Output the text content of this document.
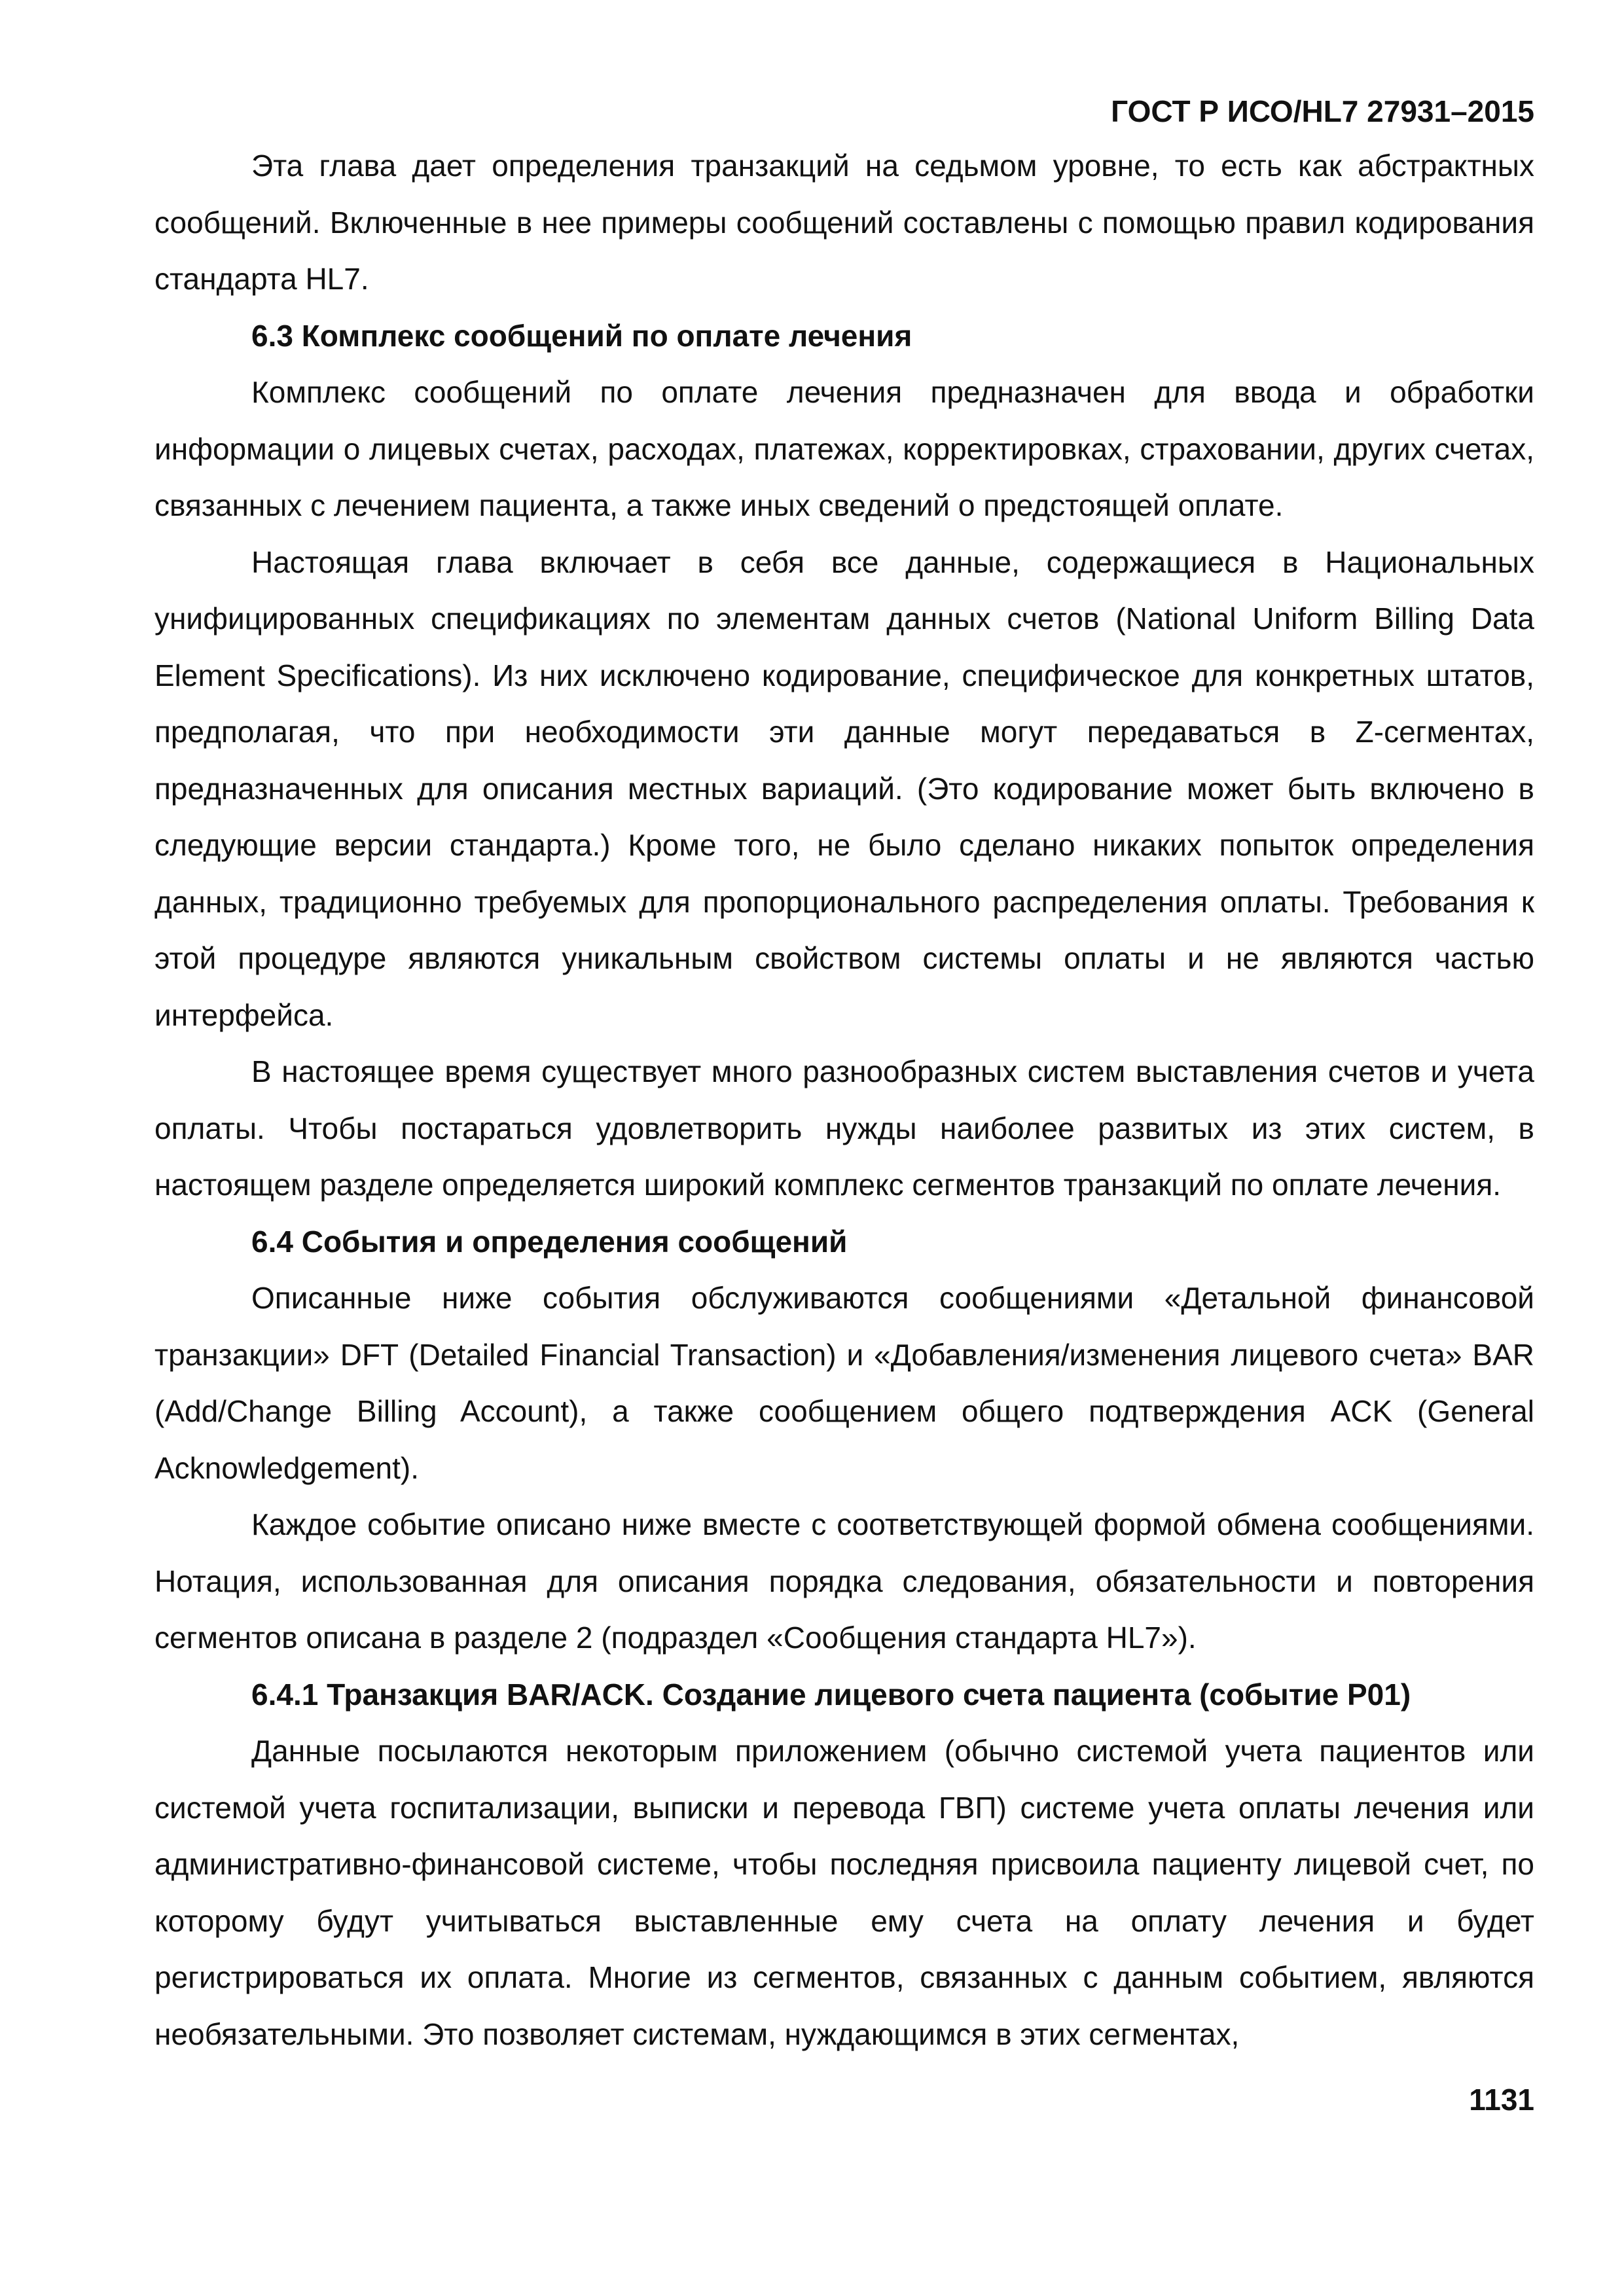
ГОСТ Р ИСО/HL7 27931–2015

Эта глава дает определения транзакций на седьмом уровне, то есть как абстрактных сообщений. Включенные в нее примеры сообщений составлены с помощью правил кодирования стандарта HL7.

6.3 Комплекс сообщений по оплате лечения

Комплекс сообщений по оплате лечения предназначен для ввода и обработки информации о лицевых счетах, расходах, платежах, корректировках, страховании, других счетах, связанных с лечением пациента, а также иных сведений о предстоящей оплате.

Настоящая глава включает в себя все данные, содержащиеся в Национальных унифицированных спецификациях по элементам данных счетов (National Uniform Billing Data Element Specifications). Из них исключено кодирование, специфическое для конкретных штатов, предполагая, что при необходимости эти данные могут передаваться в Z-сегментах, предназначенных для описания местных вариаций. (Это кодирование может быть включено в следующие версии стандарта.) Кроме того, не было сделано никаких попыток определения данных, традиционно требуемых для пропорционального распределения оплаты. Требования к этой процедуре являются уникальным свойством системы оплаты и не являются частью интерфейса.

В настоящее время существует много разнообразных систем выставления счетов и учета оплаты. Чтобы постараться удовлетворить нужды наиболее развитых из этих систем, в настоящем разделе определяется широкий комплекс сегментов транзакций по оплате лечения.

6.4 События и определения сообщений

Описанные ниже события обслуживаются сообщениями «Детальной финансовой транзакции» DFT (Detailed Financial Transaction) и «Добавления/изменения лицевого счета» BAR (Add/Change Billing Account), а также сообщением общего подтверждения ACK (General Acknowledgement).

Каждое событие описано ниже вместе с соответствующей формой обмена сообщениями. Нотация, использованная для описания порядка следования, обязательности и повторения сегментов описана в разделе 2 (подраздел «Сообщения стандарта HL7»).

6.4.1 Транзакция BAR/ACK. Создание лицевого счета пациента (событие P01)

Данные посылаются некоторым приложением (обычно системой учета пациентов или системой учета госпитализации, выписки и перевода ГВП) системе учета оплаты лечения или административно-финансовой системе, чтобы последняя присвоила пациенту лицевой счет, по которому будут учитываться выставленные ему счета на оплату лечения и будет регистрироваться их оплата. Многие из сегментов, связанных с данным событием, являются необязательными. Это позволяет системам, нуждающимся в этих сегментах,

1131
